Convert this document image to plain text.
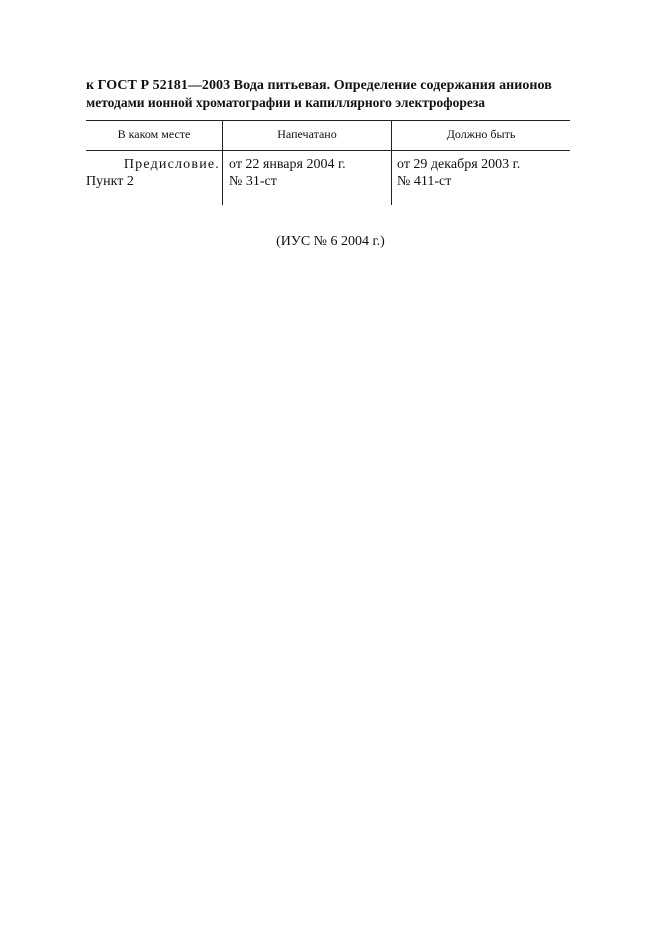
к ГОСТ Р 52181—2003 Вода питьевая. Определение содержания анионов
методами ионной хроматографии и капиллярного электрофореза
В каком месте	Напечатано	Должно быть
Предисловие.
Пункт 2
от 22 января 2004 г.
№ 31-ст
от 29 декабря 2003 г.
№ 411-ст
(ИУС № 6 2004 г.)
